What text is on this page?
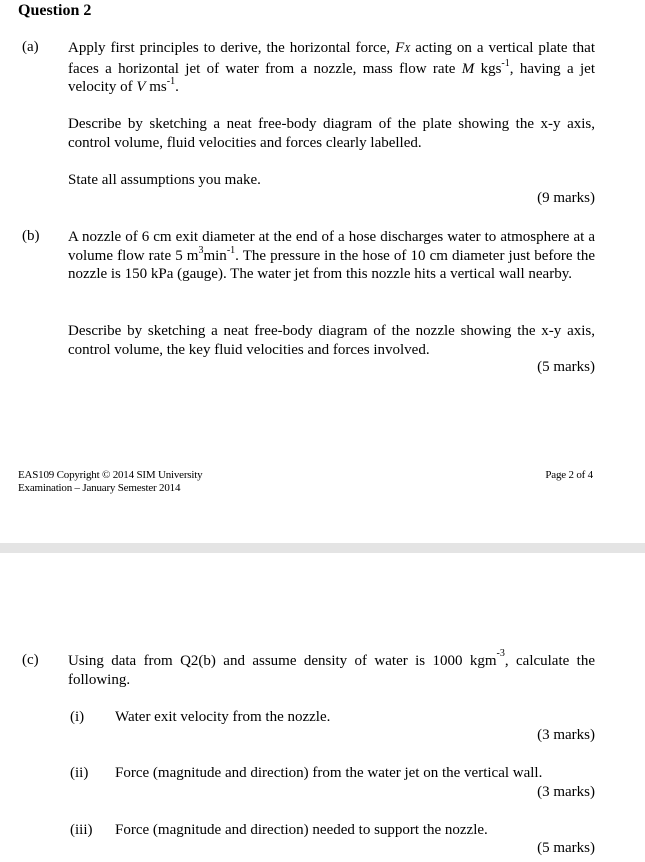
Question 2
(a) Apply first principles to derive, the horizontal force, FX acting on a vertical plate that faces a horizontal jet of water from a nozzle, mass flow rate M kgs$^{-1}$, having a jet velocity of V $ms^{-1}$.
Describe by sketching a neat free-body diagram of the plate showing the x-y axis, control volume, fluid velocities and forces clearly labelled.
State all assumptions you make.
(9 marks)
(b) A nozzle of 6 cm exit diameter at the end of a hose discharges water to atmosphere at a volume flow rate 5 $m^3\min^{-1}$. The pressure in the hose of 10 cm diameter just before the nozzle is 150 kPa (gauge). The water jet from this nozzle hits a vertical wall nearby.
Describe by sketching a neat free-body diagram of the nozzle showing the x-y axis, control volume, the key fluid velocities and forces involved.
(5 marks)
EAS109 Copyright © 2014 SIM University
Examination – January Semester 2014
Page 2 of 4
(c) Using data from Q2(b) and assume density of water is 1000 kgm$^{-3}$, calculate the following.
(i) Water exit velocity from the nozzle.
(3 marks)
(ii) Force (magnitude and direction) from the water jet on the vertical wall.
(3 marks)
(iii) Force (magnitude and direction) needed to support the nozzle.
(5 marks)
